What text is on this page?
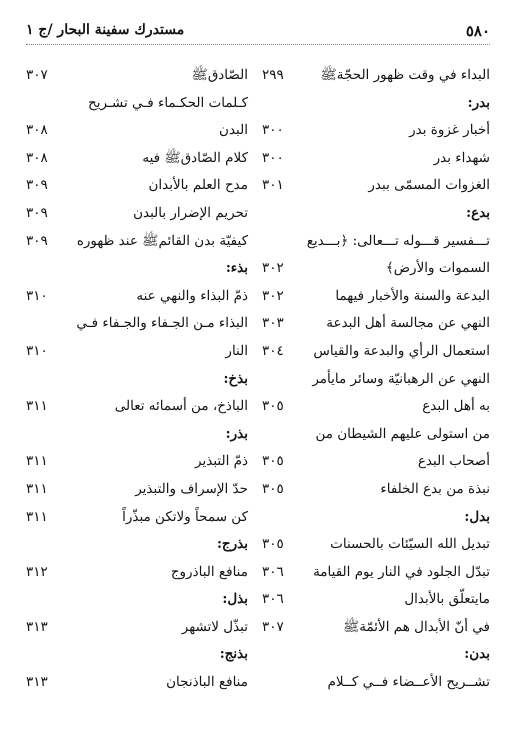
٥٨٠
مستدرك سفينة البحار /ج ١
البداء في وقت ظهور الحجّةﷺ
٢٩٩
بدر:
أخبار غزوة بدر
٣٠٠
شهداء بدر
٣٠٠
الغزوات المسمّى ببدر
٣٠١
بدع:
تـــفسير قـــوله تـــعالى: ﴿بـــديع
السموات والأرض﴾
٣٠٢
البدعة والسنة والأخبار فيهما
٣٠٢
النهي عن مجالسة أهل البدعة
٣٠٣
استعمال الرأي والبدعة والقياس
٣٠٤
النهي عن الرهبانيّة وسائر مايأمر
به أهل البدع
٣٠٥
من استولى عليهم الشيطان من
أصحاب البدع
٣٠٥
نبذة من بدع الخلفاء
٣٠٥
بدل:
تبديل الله السيّئات بالحسنات
٣٠٥
تبدّل الجلود في النار يوم القيامة
٣٠٦
مايتعلّق بالأبدال
٣٠٦
في أنّ الأبدال هم الأئمّةﷺ
٣٠٧
بدن:
تشــريح الأعــضاء فــي كــلام
الصّادقﷺ
٣٠٧
كـلمات الحكـماء فـي تشـريح
البدن
٣٠٨
كلام الصّادقﷺ فيه
٣٠٨
مدح العلم بالأبدان
٣٠٩
تحريم الإضرار بالبدن
٣٠٩
كيفيّة بدن القائمﷺ عند ظهوره
٣٠٩
بذء:
ذمّ البذاء والنهي عنه
٣١٠
البذاء مـن الجـفاء والجـفاء فـي
النار
٣١٠
بذخ:
الباذخ، من أسمائه تعالى
٣١١
بذر:
ذمّ التبذير
٣١١
حدّ الإسراف والتبذير
٣١١
كن سمحاً ولاتكن مبذّراً
٣١١
بذرج:
منافع الباذروج
٣١٢
بذل:
تبذّل لاتشهر
٣١٣
بذنج:
منافع الباذنجان
٣١٣
